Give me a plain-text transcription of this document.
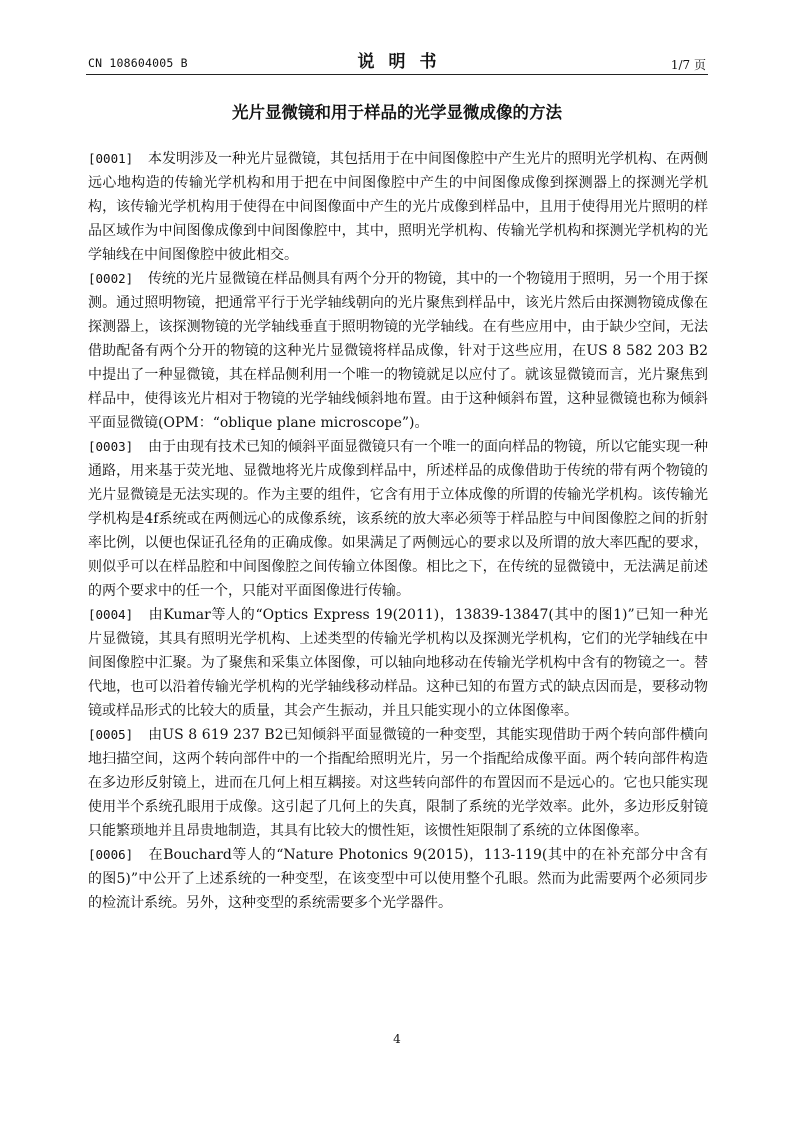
CN 108604005 B	说明书	1/7 页
光片显微镜和用于样品的光学显微成像的方法

[0001] 本发明涉及一种光片显微镜，其包括用于在中间图像腔中产生光片的照明光学机构、在两侧远心地构造的传输光学机构和用于把在中间图像腔中产生的中间图像成像到探测器上的探测光学机构，该传输光学机构用于使得在中间图像面中产生的光片成像到样品中，且用于使得用光片照明的样品区域作为中间图像成像到中间图像腔中，其中，照明光学机构、传输光学机构和探测光学机构的光学轴线在中间图像腔中彼此相交。

[0002] 传统的光片显微镜在样品侧具有两个分开的物镜，其中的一个物镜用于照明，另一个用于探测。通过照明物镜，把通常平行于光学轴线朝向的光片聚焦到样品中，该光片然后由探测物镜成像在探测器上，该探测物镜的光学轴线垂直于照明物镜的光学轴线。在有些应用中，由于缺少空间，无法借助配备有两个分开的物镜的这种光片显微镜将样品成像，针对于这些应用，在US 8 582 203 B2中提出了一种显微镜，其在样品侧利用一个唯一的物镜就足以应付了。就该显微镜而言，光片聚焦到样品中，使得该光片相对于物镜的光学轴线倾斜地布置。由于这种倾斜布置，这种显微镜也称为倾斜平面显微镜(OPM：“oblique plane microscope”)。

[0003] 由于由现有技术已知的倾斜平面显微镜只有一个唯一的面向样品的物镜，所以它能实现一种通路，用来基于荧光地、显微地将光片成像到样品中，所述样品的成像借助于传统的带有两个物镜的光片显微镜是无法实现的。作为主要的组件，它含有用于立体成像的所谓的传输光学机构。该传输光学机构是4f系统或在两侧远心的成像系统，该系统的放大率必须等于样品腔与中间图像腔之间的折射率比例，以便也保证孔径角的正确成像。如果满足了两侧远心的要求以及所谓的放大率匹配的要求，则似乎可以在样品腔和中间图像腔之间传输立体图像。相比之下，在传统的显微镜中，无法满足前述的两个要求中的任一个，只能对平面图像进行传输。

[0004] 由Kumar等人的“Optics Express 19(2011)，13839-13847(其中的图1)”已知一种光片显微镜，其具有照明光学机构、上述类型的传输光学机构以及探测光学机构，它们的光学轴线在中间图像腔中汇聚。为了聚焦和采集立体图像，可以轴向地移动在传输光学机构中含有的物镜之一。替代地，也可以沿着传输光学机构的光学轴线移动样品。这种已知的布置方式的缺点因而是，要移动物镜或样品形式的比较大的质量，其会产生振动，并且只能实现小的立体图像率。

[0005] 由US 8 619 237 B2已知倾斜平面显微镜的一种变型，其能实现借助于两个转向部件横向地扫描空间，这两个转向部件中的一个指配给照明光片，另一个指配给成像平面。两个转向部件构造在多边形反射镜上，进而在几何上相互耦接。对这些转向部件的布置因而不是远心的。它也只能实现使用半个系统孔眼用于成像。这引起了几何上的失真，限制了系统的光学效率。此外，多边形反射镜只能繁琐地并且昂贵地制造，其具有比较大的惯性矩，该惯性矩限制了系统的立体图像率。

[0006] 在Bouchard等人的“Nature Photonics 9(2015)，113-119(其中的在补充部分中含有的图5)”中公开了上述系统的一种变型，在该变型中可以使用整个孔眼。然而为此需要两个必须同步的检流计系统。另外，这种变型的系统需要多个光学器件。

4
